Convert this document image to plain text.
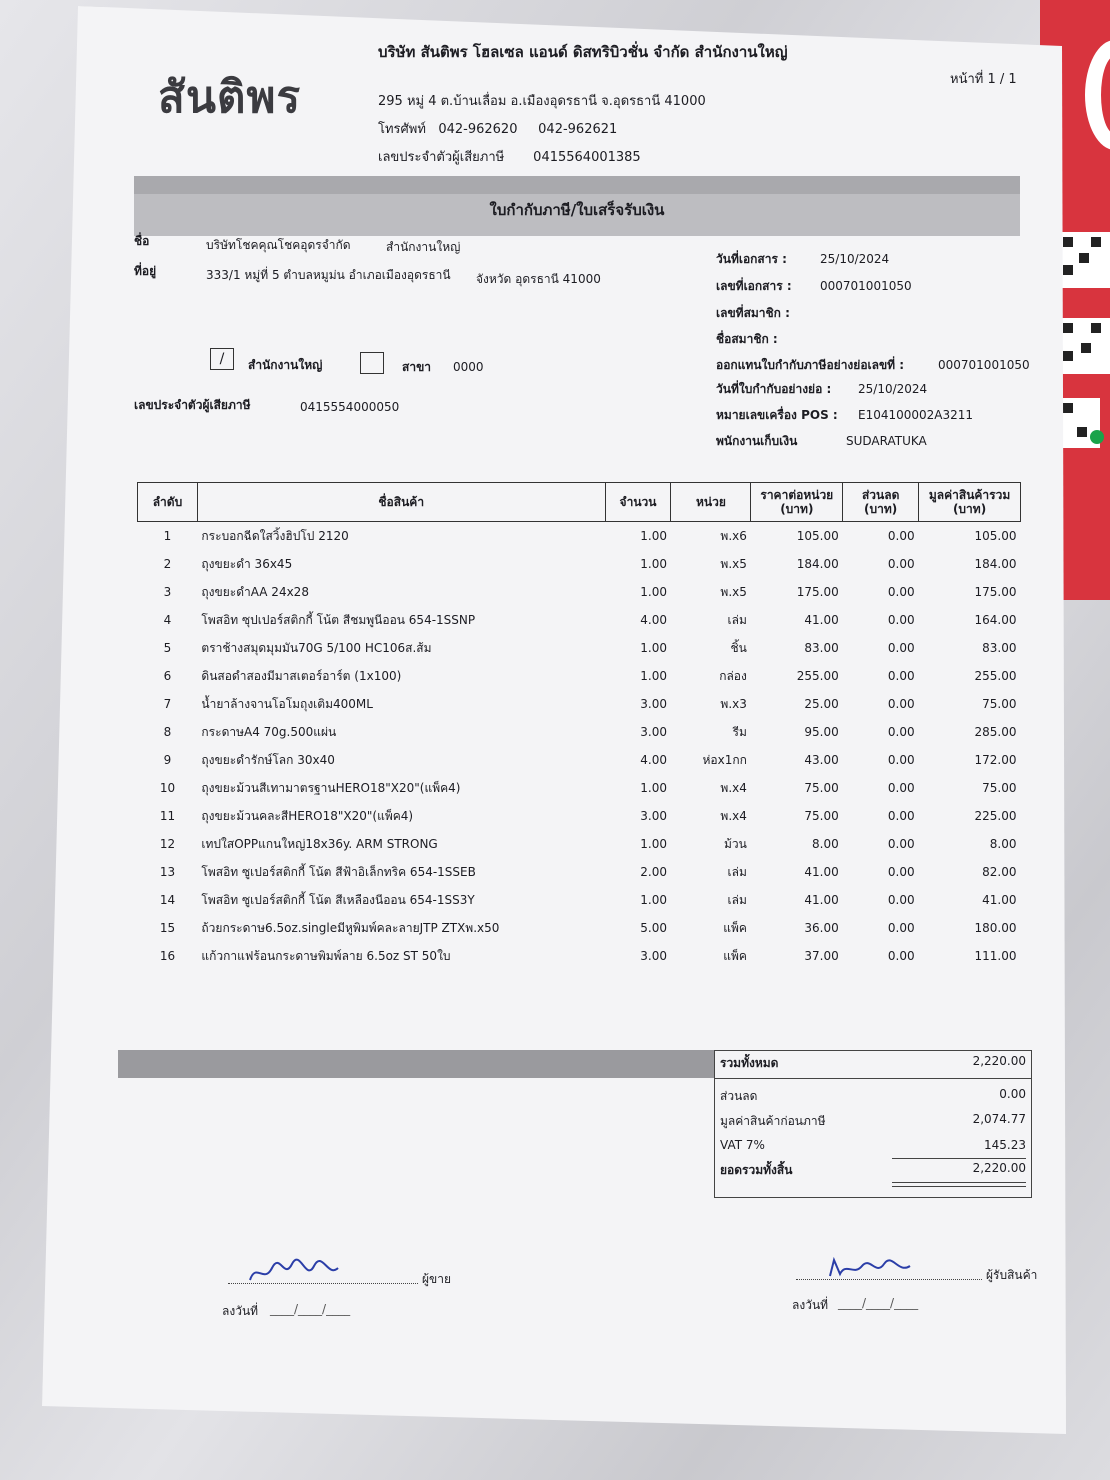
สันติพร
บริษัท สันติพร โฮลเซล แอนด์ ดิสทริบิวชั่น จำกัด สำนักงานใหญ่
295 หมู่ 4 ต.บ้านเลื่อม อ.เมืองอุดรธานี จ.อุดรธานี 41000
โทรศัพท์ 042-962620 042-962621
เลขประจำตัวผู้เสียภาษี 0415564001385
หน้าที่ 1 / 1
ใบกำกับภาษี/ใบเสร็จรับเงิน
ชื่อ	บริษัทโชคคุณโชคอุดรจำกัด	สำนักงานใหญ่
ที่อยู่	333/1 หมู่ที่ 5 ตำบลหมูม่น อำเภอเมืองอุดรธานี จังหวัด อุดรธานี 41000
/	สำนักงานใหญ่	สาขา 0000
เลขประจำตัวผู้เสียภาษี	0415554000050
วันที่เอกสาร :	25/10/2024
เลขที่เอกสาร : 000701001050
เลขที่สมาชิก :
ชื่อสมาชิก :
ออกแทนใบกำกับภาษีอย่างย่อเลขที่ :	000701001050
วันที่ใบกำกับอย่างย่อ : 25/10/2024
หมายเลขเครื่อง POS : E104100002A3211
พนักงานเก็บเงิน	SUDARATUKA
ลำดับ	ชื่อสินค้า	จำนวน	หน่วย	ราคาต่อหน่วย (บาท)	ส่วนลด (บาท)	มูลค่าสินค้ารวม (บาท)
1	กระบอกฉีดใสวิ้งฮิปโป 2120	1.00	พ.x6	105.00	0.00	105.00
2	ถุงขยะดำ 36x45	1.00	พ.x5	184.00	0.00	184.00
3	ถุงขยะดำAA 24x28	1.00	พ.x5	175.00	0.00	175.00
4	โพสอิท ซุปเปอร์สติกกี้ โน้ต สีชมพูนีออน 654-1SSNP	4.00	เล่ม	41.00	0.00	164.00
5	ตราช้างสมุดมุมมัน70G 5/100 HC106ส.ส้ม	1.00	ชิ้น	83.00	0.00	83.00
6	ดินสอดำสองมีมาสเตอร์อาร์ต (1x100)	1.00	กล่อง	255.00	0.00	255.00
7	น้ำยาล้างจานโอโมถุงเติม400ML	3.00	พ.x3	25.00	0.00	75.00
8	กระดาษA4 70g.500แผ่น	3.00	รีม	95.00	0.00	285.00
9	ถุงขยะดำรักษ์โลก 30x40	4.00	ห่อx1กก	43.00	0.00	172.00
10	ถุงขยะม้วนสีเทามาตรฐานHERO18"X20"(แพ็ค4)	1.00	พ.x4	75.00	0.00	75.00
11	ถุงขยะม้วนคละสีHERO18"X20"(แพ็ค4)	3.00	พ.x4	75.00	0.00	225.00
12	เทปใสOPPแกนใหญ่18x36y. ARM STRONG	1.00	ม้วน	8.00	0.00	8.00
13	โพสอิท ซูเปอร์สติกกี้ โน้ต สีฟ้าอิเล็กทริค 654-1SSEB	2.00	เล่ม	41.00	0.00	82.00
14	โพสอิท ซูเปอร์สติกกี้ โน้ต สีเหลืองนีออน 654-1SS3Y	1.00	เล่ม	41.00	0.00	41.00
15	ถ้วยกระดาษ6.5oz.singleมีหูพิมพ์คละลายJTP ZTXพ.x50	5.00	แพ็ค	36.00	0.00	180.00
16	แก้วกาแฟร้อนกระดาษพิมพ์ลาย 6.5oz ST 50ใบ	3.00	แพ็ค	37.00	0.00	111.00
รวมทั้งหมด	2,220.00
ส่วนลด	0.00
มูลค่าสินค้าก่อนภาษี	2,074.77
VAT 7%	145.23
ยอดรวมทั้งสิ้น	2,220.00
ผู้ขาย
ลงวันที่ ____/____/____
ผู้รับสินค้า
ลงวันที่ ____/____/____
